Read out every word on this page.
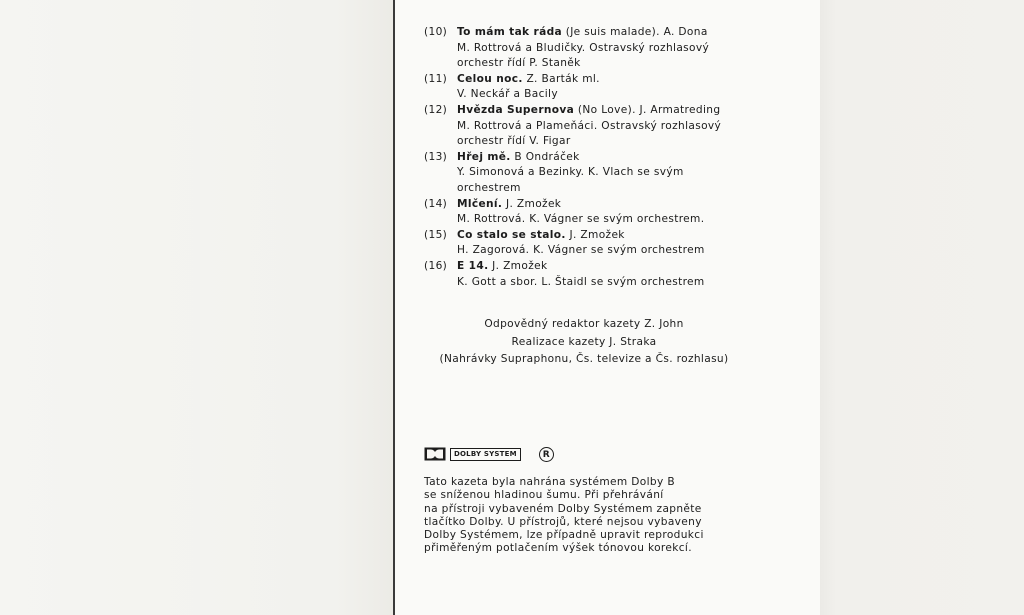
(10) To mám tak ráda (Je suis malade). A. Dona
M. Rottrová a Bludičky. Ostravský rozhlasový
orchestr řídí P. Staněk
(11) Celou noc. Z. Barták ml.
V. Neckář a Bacily
(12) Hvězda Supernova (No Love). J. Armatreding
M. Rottrová a Plameňáci. Ostravský rozhlasový
orchestr řídí V. Figar
(13) Hřej mě. B Ondráček
Y. Simonová a Bezinky. K. Vlach se svým
orchestrem
(14) Mlčení. J. Zmožek
M. Rottrová. K. Vágner se svým orchestrem.
(15) Co stalo se stalo. J. Zmožek
H. Zagorová. K. Vágner se svým orchestrem
(16) E 14. J. Zmožek
K. Gott a sbor. L. Štaidl se svým orchestrem
Odpovědný redaktor kazety Z. John
Realizace kazety J. Straka
(Nahrávky Supraphonu, Čs. televize a Čs. rozhlasu)
DOLBY SYSTEM	R
Tato kazeta byla nahrána systémem Dolby B
se sníženou hladinou šumu. Při přehrávání
na přístroji vybaveném Dolby Systémem zapněte
tlačítko Dolby. U přístrojů, které nejsou vybaveny
Dolby Systémem, lze případně upravit reprodukci
přiměřeným potlačením výšek tónovou korekcí.
